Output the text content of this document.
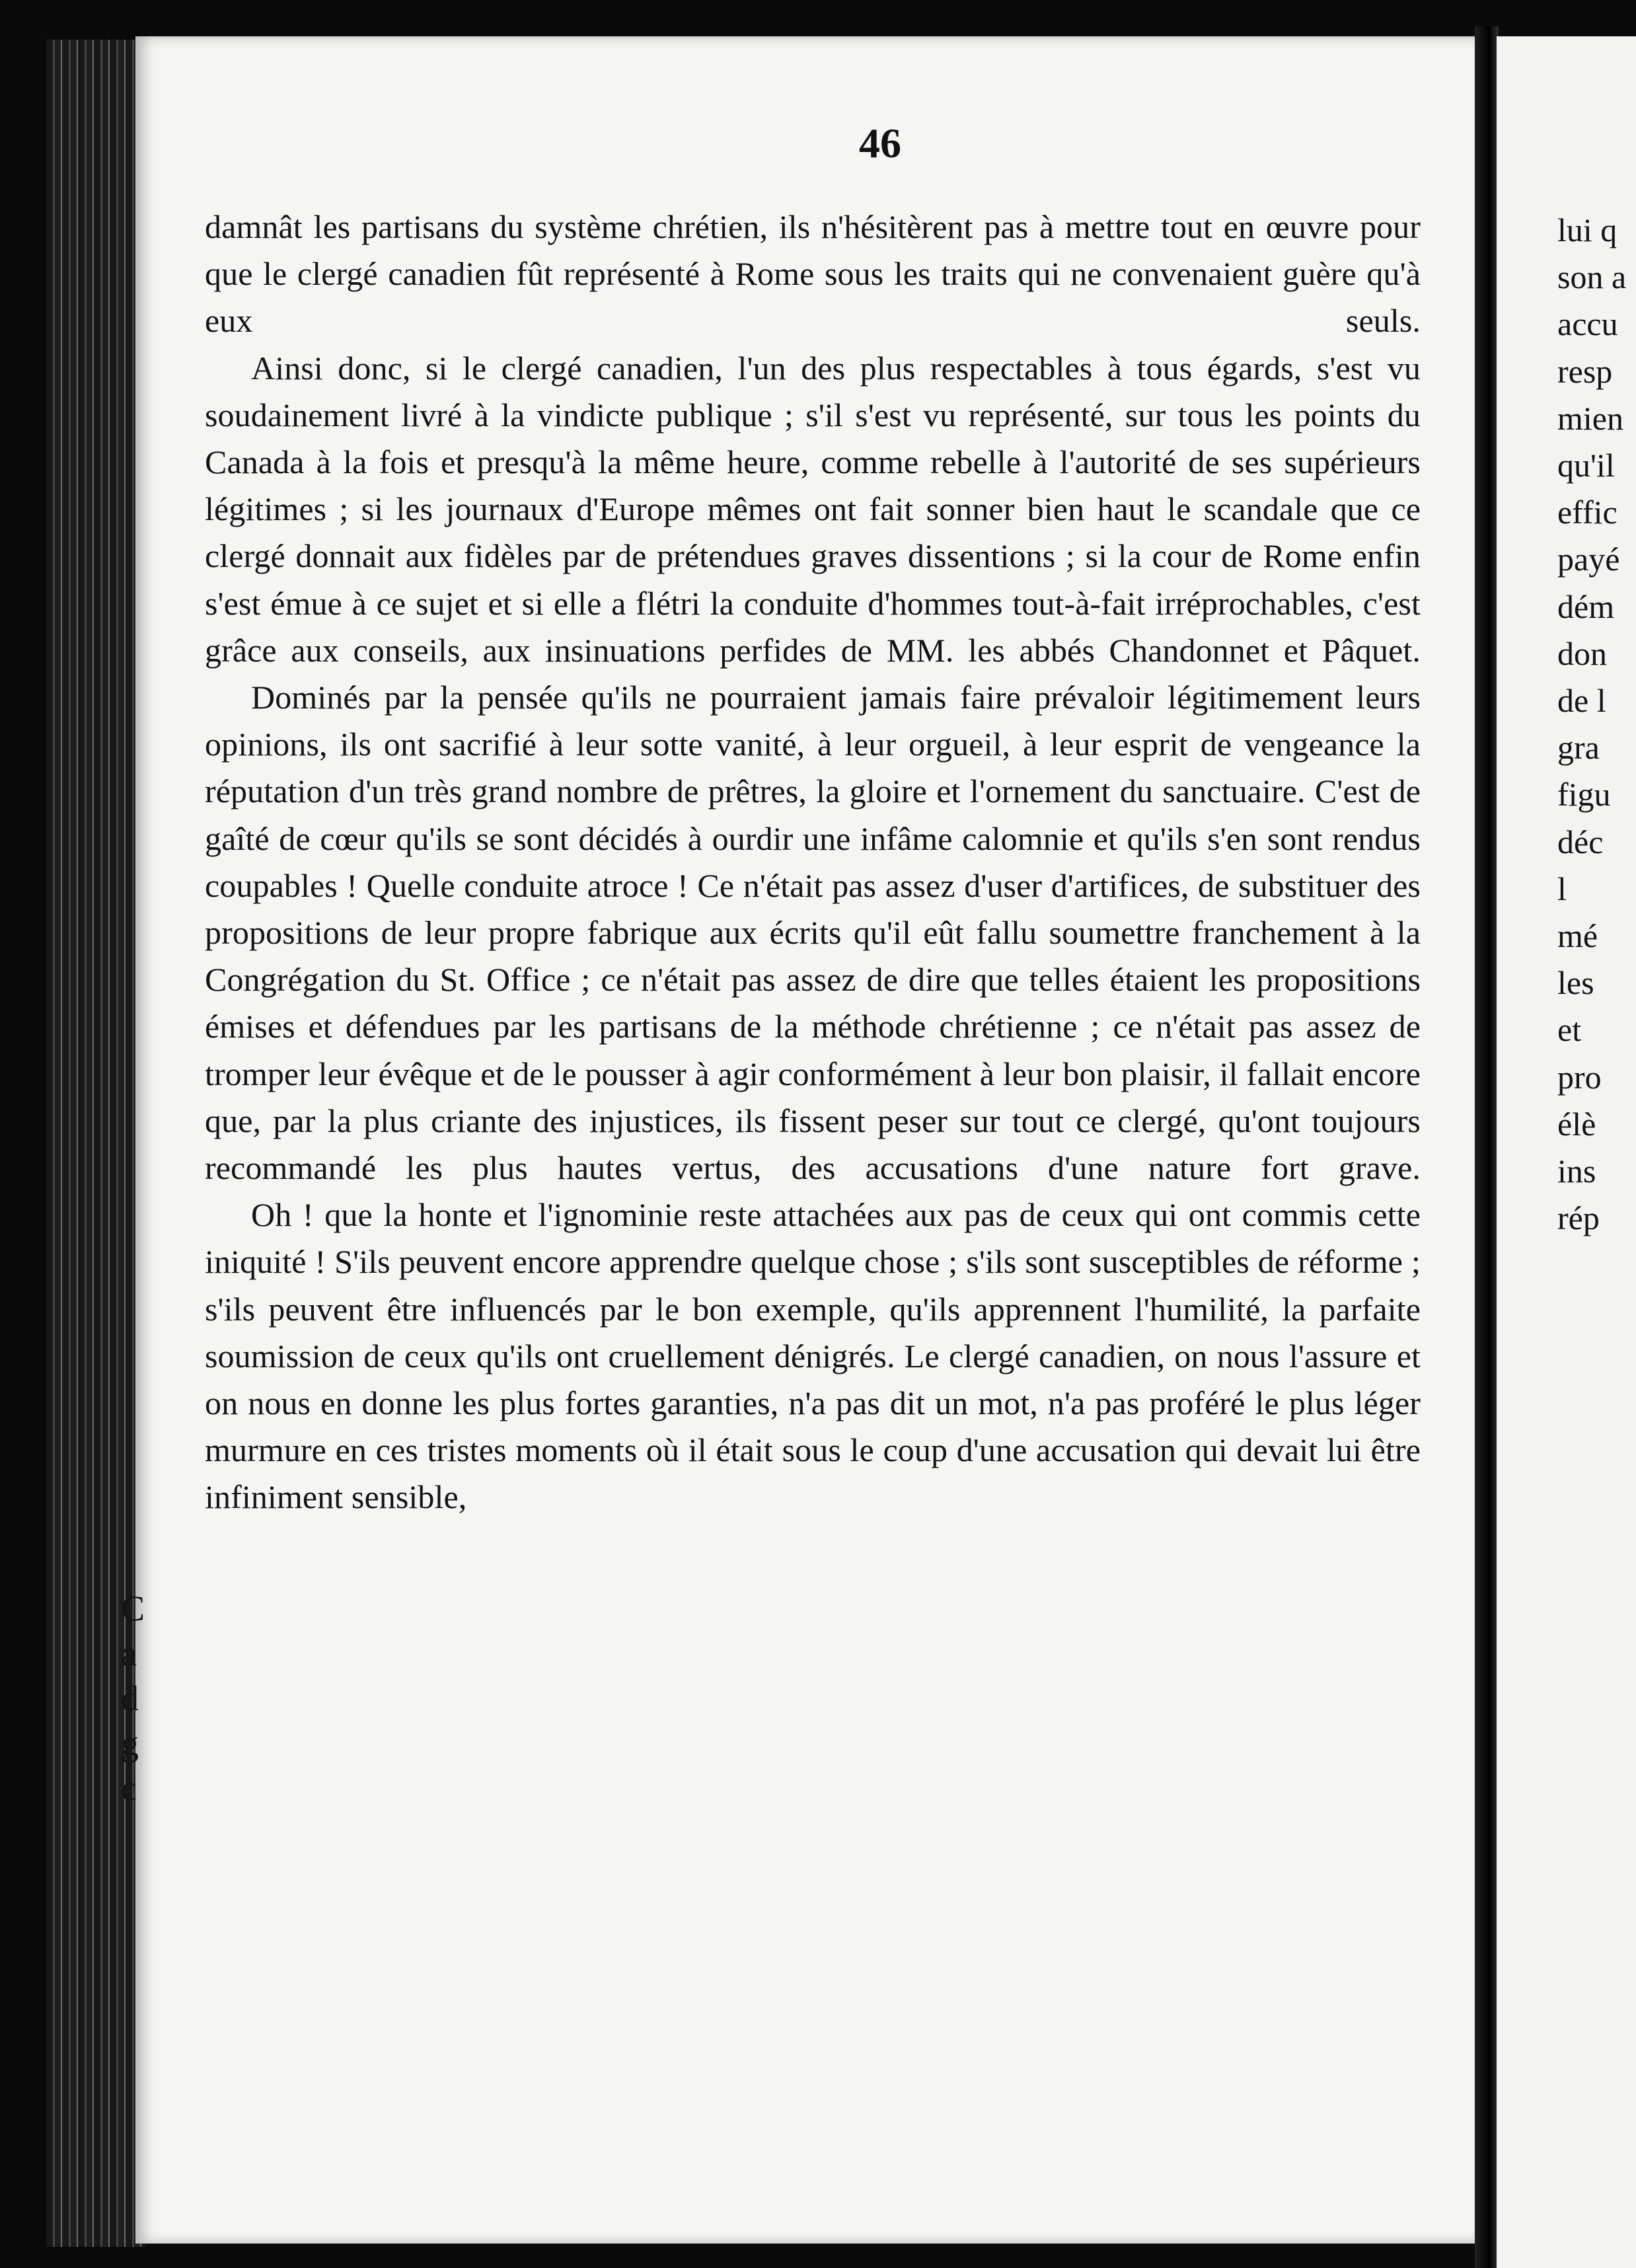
46

damnât les partisans du système chrétien, ils n'hésitèrent pas à mettre tout en œuvre pour que le clergé canadien fût représenté à Rome sous les traits qui ne convenaient guère qu'à eux seuls.

Ainsi donc, si le clergé canadien, l'un des plus respectables à tous égards, s'est vu soudainement livré à la vindicte publique ; s'il s'est vu représenté, sur tous les points du Canada à la fois et presqu'à la même heure, comme rebelle à l'autorité de ses supérieurs légitimes ; si les journaux d'Europe mêmes ont fait sonner bien haut le scandale que ce clergé donnait aux fidèles par de prétendues graves dissentions ; si la cour de Rome enfin s'est émue à ce sujet et si elle a flétri la conduite d'hommes tout-à-fait irréprochables, c'est grâce aux conseils, aux insinuations perfides de MM. les abbés Chandonnet et Pâquet.

Dominés par la pensée qu'ils ne pourraient jamais faire prévaloir légitimement leurs opinions, ils ont sacrifié à leur sotte vanité, à leur orgueil, à leur esprit de vengeance la réputation d'un très grand nombre de prêtres, la gloire et l'ornement du sanctuaire. C'est de gaîté de cœur qu'ils se sont décidés à ourdir une infâme calomnie et qu'ils s'en sont rendus coupables ! Quelle conduite atroce ! Ce n'était pas assez d'user d'artifices, de substituer des propositions de leur propre fabrique aux écrits qu'il eût fallu soumettre franchement à la Congrégation du St. Office ; ce n'était pas assez de dire que telles étaient les propositions émises et défendues par les partisans de la méthode chrétienne ; ce n'était pas assez de tromper leur évêque et de le pousser à agir conformément à leur bon plaisir, il fallait encore que, par la plus criante des injustices, ils fissent peser sur tout ce clergé, qu'ont toujours recommandé les plus hautes vertus, des accusations d'une nature fort grave.

Oh ! que la honte et l'ignominie reste attachées aux pas de ceux qui ont commis cette iniquité ! S'ils peuvent encore apprendre quelque chose ; s'ils sont susceptibles de réforme ; s'ils peuvent être influencés par le bon exemple, qu'ils apprennent l'humilité, la parfaite soumission de ceux qu'ils ont cruellement dénigrés. Le clergé canadien, on nous l'assure et on nous en donne les plus fortes garanties, n'a pas dit un mot, n'a pas proféré le plus léger murmure en ces tristes moments où il était sous le coup d'une accusation qui devait lui être infiniment sensible,

lui q
son a
accu
resp
mien
qu'il
effic
payé
dém
don
de l
gra
figu
déc
l
mé
les
et
pro
élè
ins
rép
C
a
d
g
c
